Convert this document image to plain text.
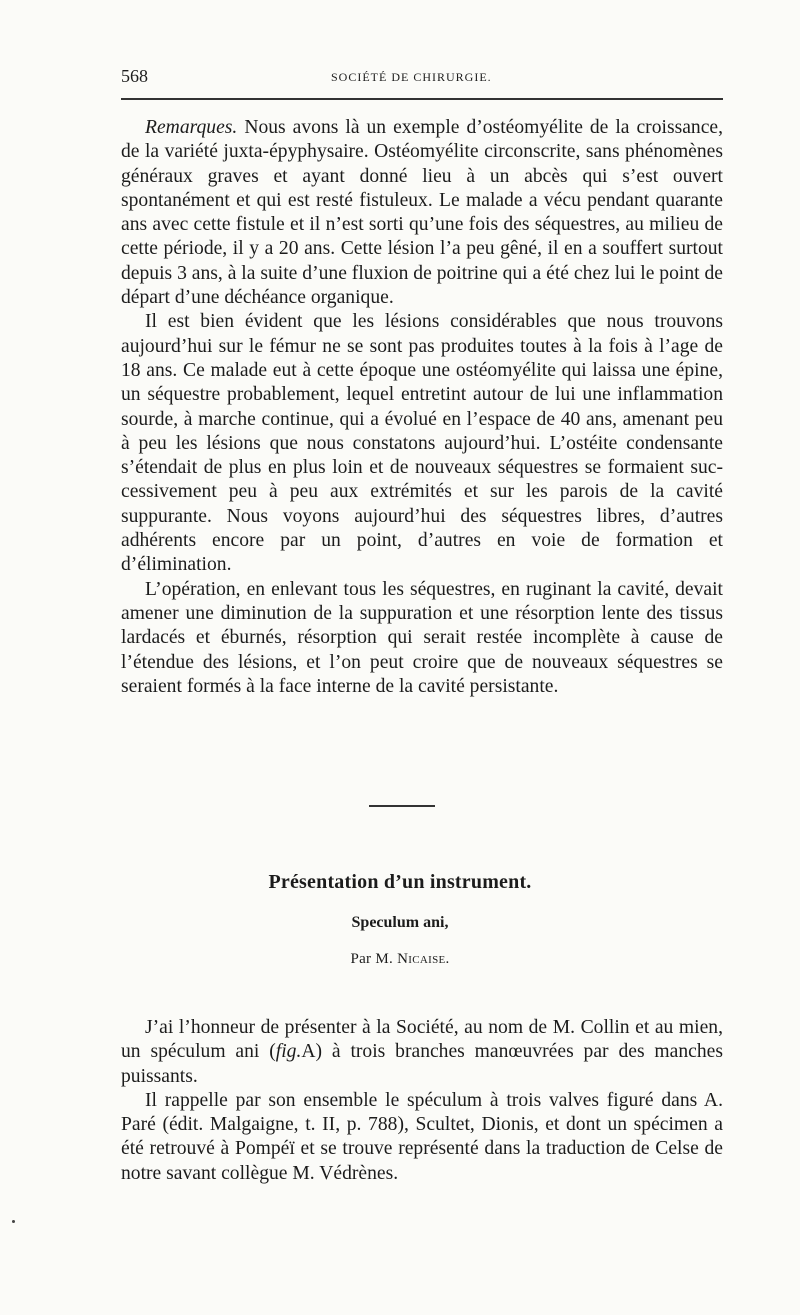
568	SOCIÉTÉ DE CHIRURGIE.

Remarques. Nous avons là un exemple d’ostéomyélite de la croissance, de la variété juxta-épyphysaire. Ostéomyélite circonscrite, sans phénomènes généraux graves et ayant donné lieu à un abcès qui s’est ouvert spontanément et qui est resté fistuleux. Le malade a vécu pendant quarante ans avec cette fistule et il n’est sorti qu’une fois des séquestres, au milieu de cette période, il y a 20 ans. Cette lésion l’a peu gêné, il en a souffert surtout depuis 3 ans, à la suite d’une fluxion de poitrine qui a été chez lui le point de départ d’une déchéance organique.

Il est bien évident que les lésions considérables que nous trouvons aujourd’hui sur le fémur ne se sont pas produites toutes à la fois à l’age de 18 ans. Ce malade eut à cette époque une ostéomyélite qui laissa une épine, un séquestre probablement, lequel entretint autour de lui une inflammation sourde, à marche continue, qui a évolué en l’espace de 40 ans, amenant peu à peu les lésions que nous constatons aujourd’hui. L’ostéite condensante s’étendait de plus en plus loin et de nouveaux séquestres se formaient successivement peu à peu aux extrémités et sur les parois de la cavité suppurante. Nous voyons aujourd’hui des séquestres libres, d’autres adhérents encore par un point, d’autres en voie de formation et d’élimination.

L’opération, en enlevant tous les séquestres, en ruginant la cavité, devait amener une diminution de la suppuration et une résorption lente des tissus lardacés et éburnés, résorption qui serait restée incomplète à cause de l’étendue des lésions, et l’on peut croire que de nouveaux séquestres se seraient formés à la face interne de la cavité persistante.

Présentation d’un instrument.
Speculum ani,
Par M. Nicaise.

J’ai l’honneur de présenter à la Société, au nom de M. Collin et au mien, un spéculum ani (fig.A) à trois branches manœuvrées par des manches puissants.

Il rappelle par son ensemble le spéculum à trois valves figuré dans A. Paré (édit. Malgaigne, t. II, p. 788), Scultet, Dionis, et dont un spécimen a été retrouvé à Pompéï et se trouve représenté dans la traduction de Celse de notre savant collègue M. Védrènes.
